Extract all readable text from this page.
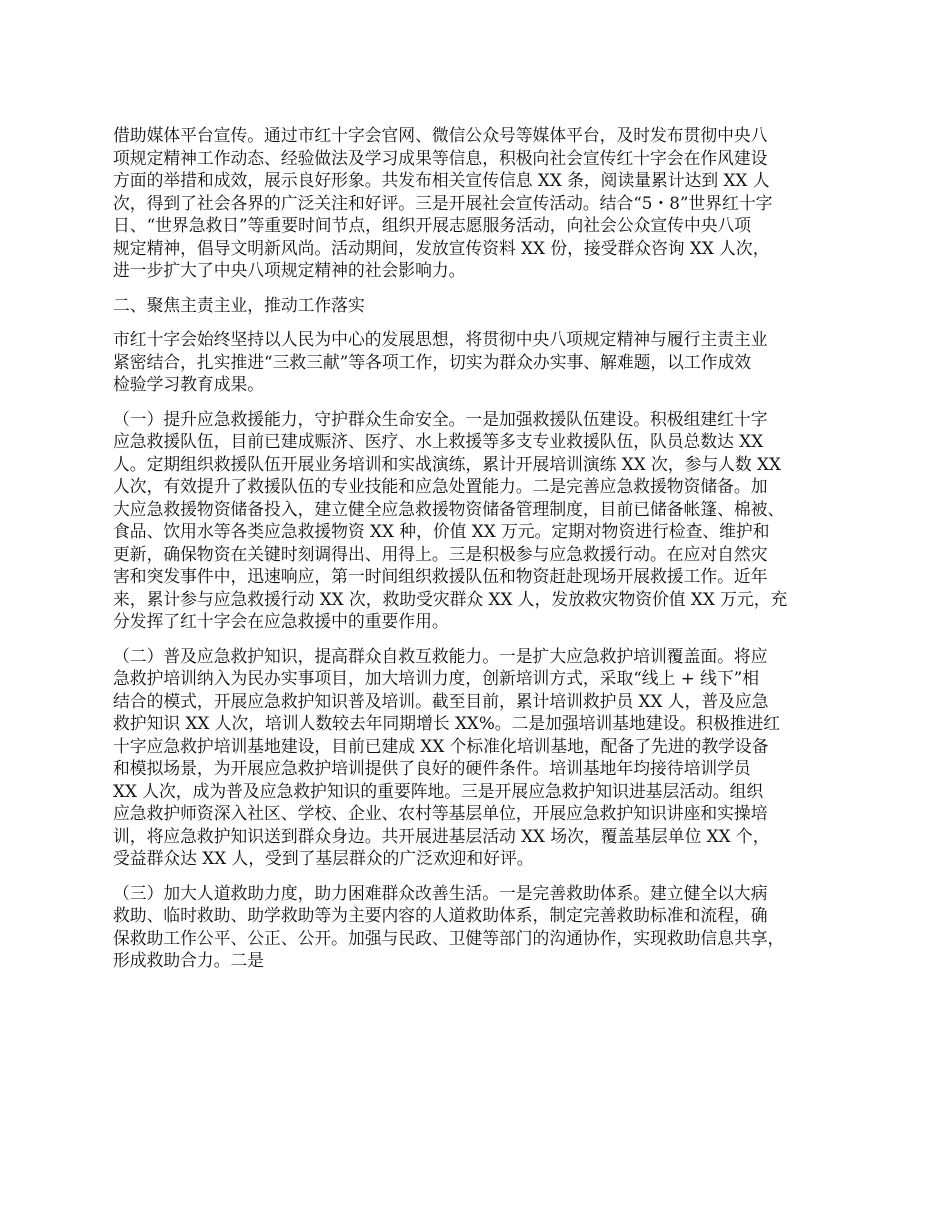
借助媒体平台宣传。通过市红十字会官网、微信公众号等媒体平台，及时发布贯彻中央八
项规定精神工作动态、经验做法及学习成果等信息，积极向社会宣传红十字会在作风建设
方面的举措和成效，展示良好形象。共发布相关宣传信息 XX 条，阅读量累计达到 XX 人
次，得到了社会各界的广泛关注和好评。三是开展社会宣传活动。结合“5・8”世界红十字
日、“世界急救日”等重要时间节点，组织开展志愿服务活动，向社会公众宣传中央八项
规定精神，倡导文明新风尚。活动期间，发放宣传资料 XX 份，接受群众咨询 XX 人次，
进一步扩大了中央八项规定精神的社会影响力。
二、聚焦主责主业，推动工作落实
市红十字会始终坚持以人民为中心的发展思想，将贯彻中央八项规定精神与履行主责主业
紧密结合，扎实推进“三救三献”等各项工作，切实为群众办实事、解难题，以工作成效
检验学习教育成果。
（一）提升应急救援能力，守护群众生命安全。一是加强救援队伍建设。积极组建红十字
应急救援队伍，目前已建成赈济、医疗、水上救援等多支专业救援队伍，队员总数达 XX
人。定期组织救援队伍开展业务培训和实战演练，累计开展培训演练 XX 次，参与人数 XX
人次，有效提升了救援队伍的专业技能和应急处置能力。二是完善应急救援物资储备。加
大应急救援物资储备投入，建立健全应急救援物资储备管理制度，目前已储备帐篷、棉被、
食品、饮用水等各类应急救援物资 XX 种，价值 XX 万元。定期对物资进行检查、维护和
更新，确保物资在关键时刻调得出、用得上。三是积极参与应急救援行动。在应对自然灾
害和突发事件中，迅速响应，第一时间组织救援队伍和物资赶赴现场开展救援工作。近年
来，累计参与应急救援行动 XX 次，救助受灾群众 XX 人，发放救灾物资价值 XX 万元，充
分发挥了红十字会在应急救援中的重要作用。
（二）普及应急救护知识，提高群众自救互救能力。一是扩大应急救护培训覆盖面。将应
急救护培训纳入为民办实事项目，加大培训力度，创新培训方式，采取“线上 + 线下”相
结合的模式，开展应急救护知识普及培训。截至目前，累计培训救护员 XX 人，普及应急
救护知识 XX 人次，培训人数较去年同期增长 XX%。二是加强培训基地建设。积极推进红
十字应急救护培训基地建设，目前已建成 XX 个标准化培训基地，配备了先进的教学设备
和模拟场景，为开展应急救护培训提供了良好的硬件条件。培训基地年均接待培训学员
XX 人次，成为普及应急救护知识的重要阵地。三是开展应急救护知识进基层活动。组织
应急救护师资深入社区、学校、企业、农村等基层单位，开展应急救护知识讲座和实操培
训，将应急救护知识送到群众身边。共开展进基层活动 XX 场次，覆盖基层单位 XX 个，
受益群众达 XX 人，受到了基层群众的广泛欢迎和好评。
（三）加大人道救助力度，助力困难群众改善生活。一是完善救助体系。建立健全以大病
救助、临时救助、助学救助等为主要内容的人道救助体系，制定完善救助标准和流程，确
保救助工作公平、公正、公开。加强与民政、卫健等部门的沟通协作，实现救助信息共享，
形成救助合力。二是
